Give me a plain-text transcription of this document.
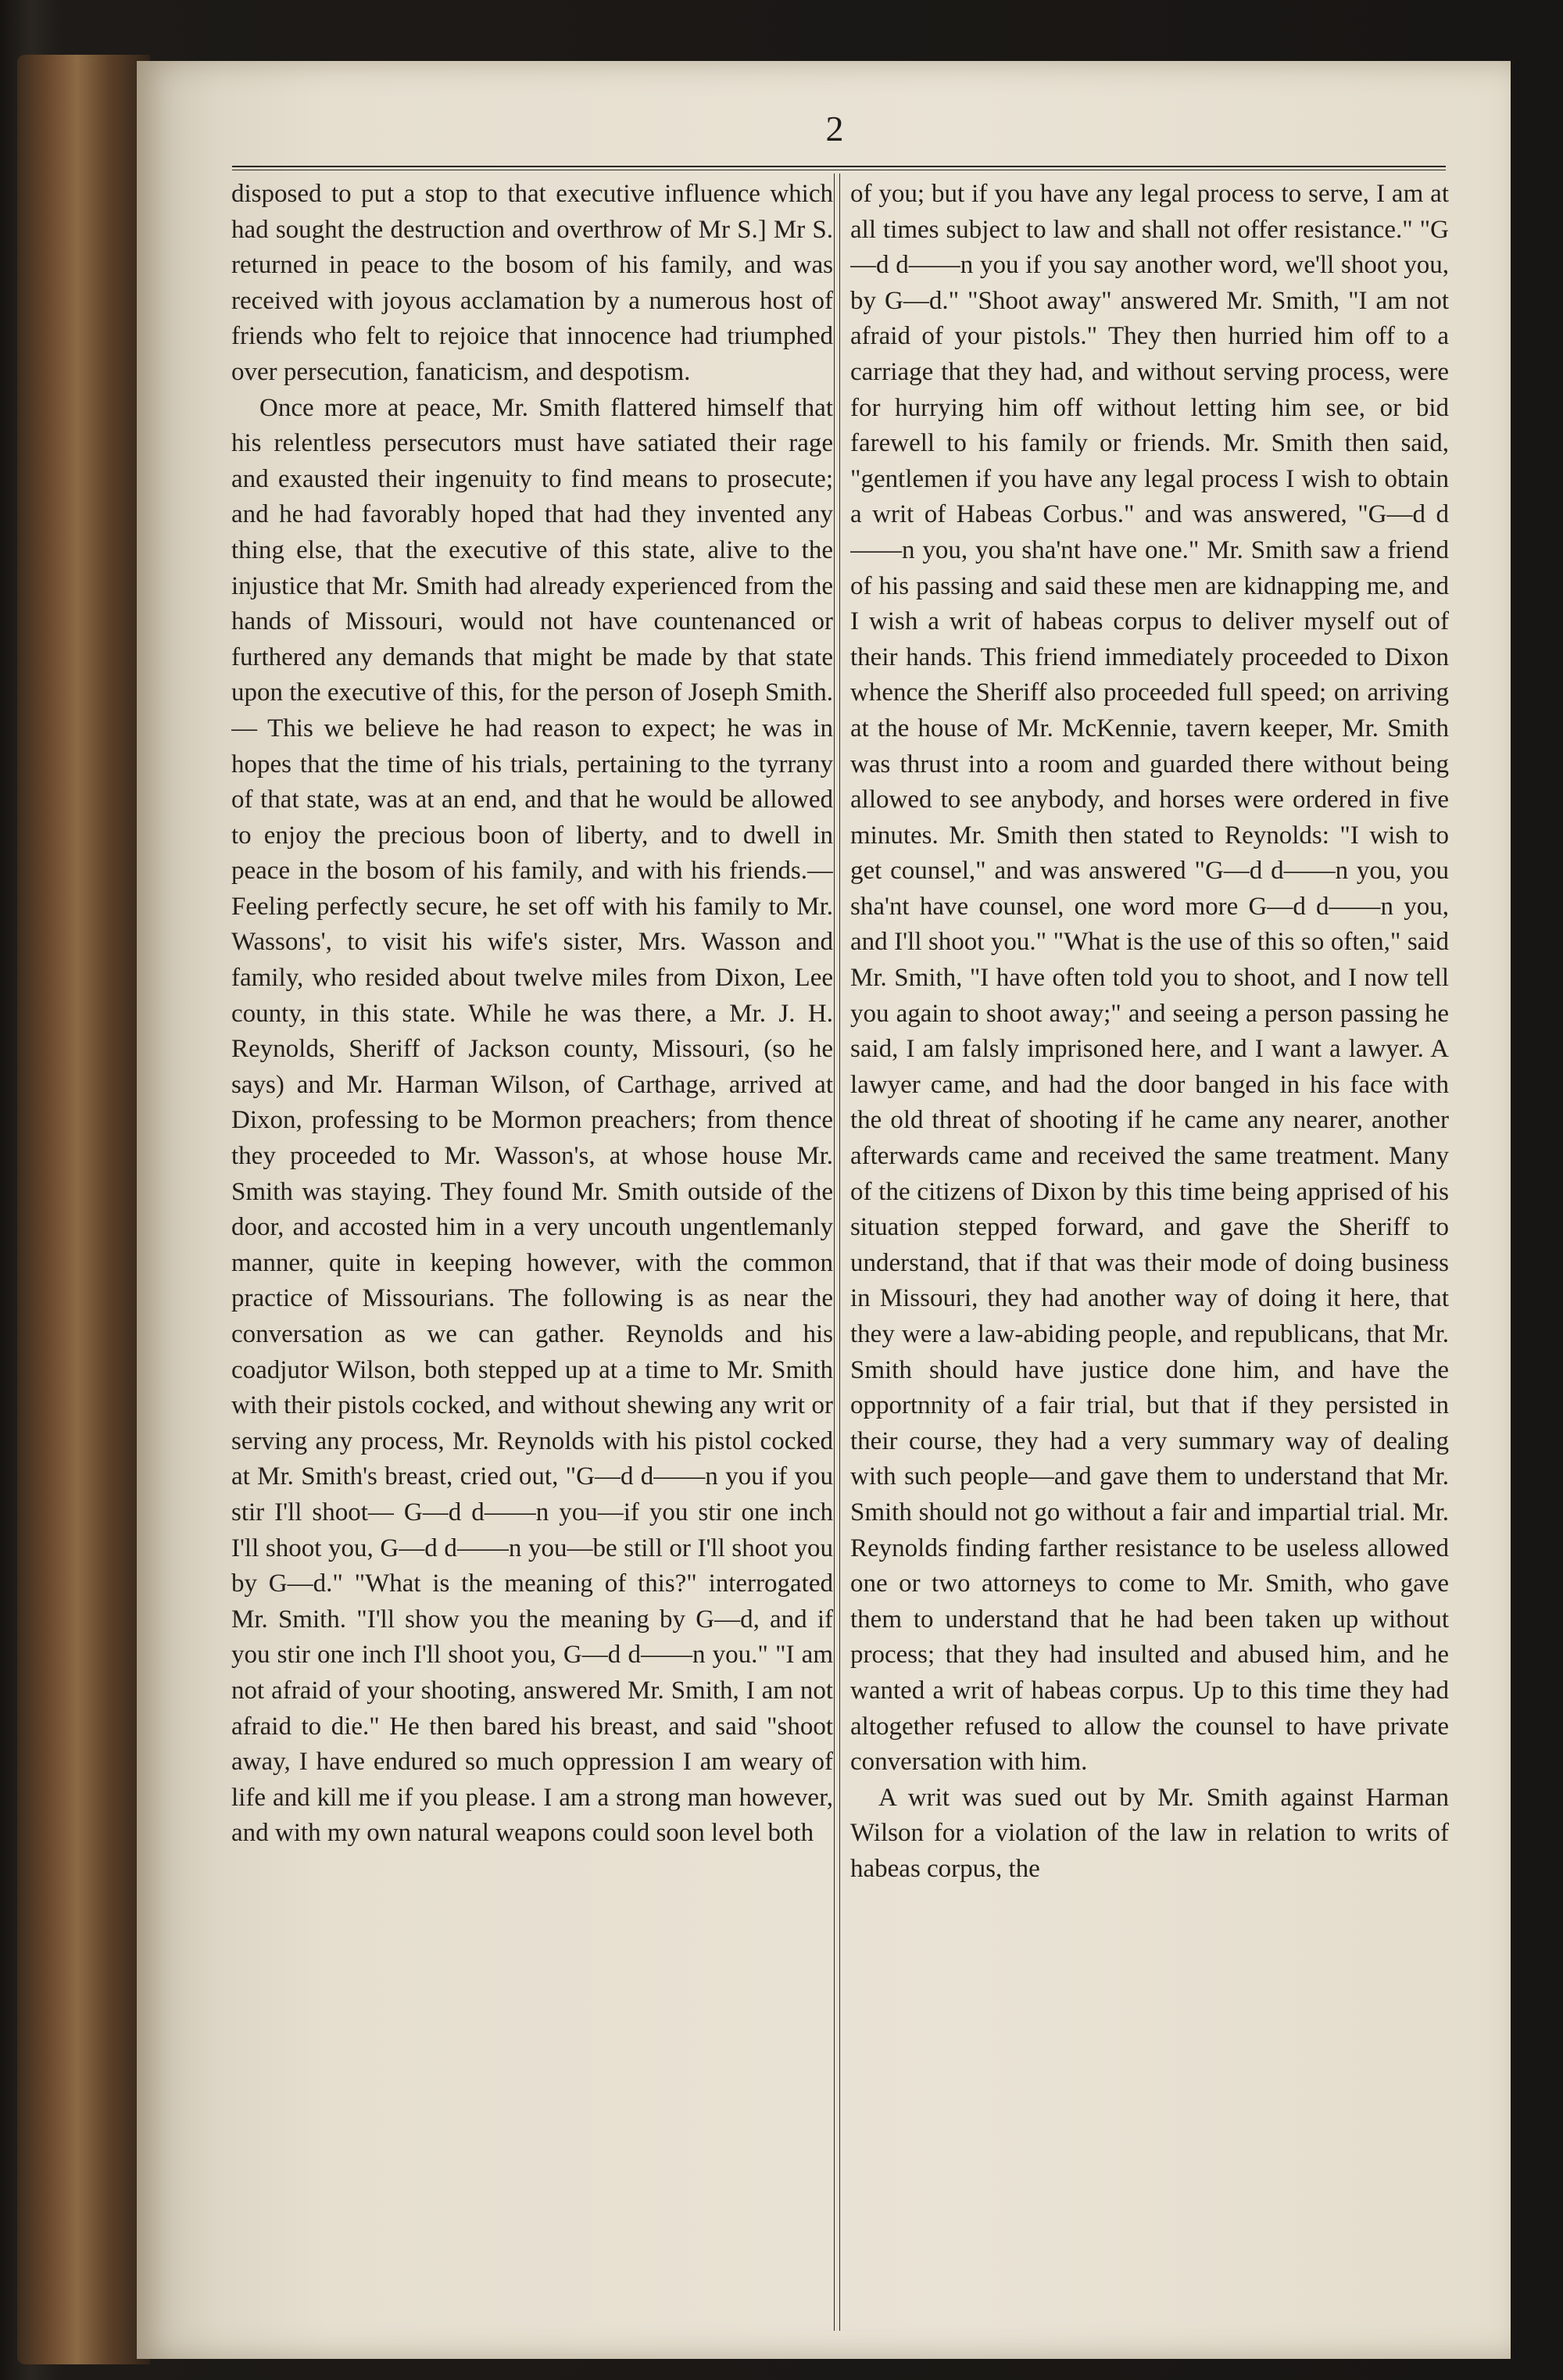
2

disposed to put a stop to that executive influence which had sought the destruction and overthrow of Mr S.] Mr S. returned in peace to the bosom of his family, and was received with joyous acclamation by a numerous host of friends who felt to rejoice that innocence had triumphed over persecution, fanaticism, and despotism.

Once more at peace, Mr. Smith flattered himself that his relentless persecutors must have satiated their rage and exausted their ingenuity to find means to prosecute; and he had favorably hoped that had they invented any thing else, that the executive of this state, alive to the injustice that Mr. Smith had already experienced from the hands of Missouri, would not have countenanced or furthered any demands that might be made by that state upon the executive of this, for the person of Joseph Smith.— This we believe he had reason to expect; he was in hopes that the time of his trials, pertaining to the tyrrany of that state, was at an end, and that he would be allowed to enjoy the precious boon of liberty, and to dwell in peace in the bosom of his family, and with his friends.— Feeling perfectly secure, he set off with his family to Mr. Wassons', to visit his wife's sister, Mrs. Wasson and family, who resided about twelve miles from Dixon, Lee county, in this state. While he was there, a Mr. J. H. Reynolds, Sheriff of Jackson county, Missouri, (so he says) and Mr. Harman Wilson, of Carthage, arrived at Dixon, professing to be Mormon preachers; from thence they proceeded to Mr. Wasson's, at whose house Mr. Smith was staying. They found Mr. Smith outside of the door, and accosted him in a very uncouth ungentlemanly manner, quite in keeping however, with the common practice of Missourians. The following is as near the conversation as we can gather. Reynolds and his coadjutor Wilson, both stepped up at a time to Mr. Smith with their pistols cocked, and without shewing any writ or serving any process, Mr. Reynolds with his pistol cocked at Mr. Smith's breast, cried out, "G—d d——n you if you stir I'll shoot— G—d d——n you—if you stir one inch I'll shoot you, G—d d——n you—be still or I'll shoot you by G—d." "What is the meaning of this?" interrogated Mr. Smith. "I'll show you the meaning by G—d, and if you stir one inch I'll shoot you, G—d d——n you." "I am not afraid of your shooting, answered Mr. Smith, I am not afraid to die." He then bared his breast, and said "shoot away, I have endured so much oppression I am weary of life and kill me if you please. I am a strong man however, and with my own natural weapons could soon level both

of you; but if you have any legal process to serve, I am at all times subject to law and shall not offer resistance." "G—d d——n you if you say another word, we'll shoot you, by G—d." "Shoot away" answered Mr. Smith, "I am not afraid of your pistols." They then hurried him off to a carriage that they had, and without serving process, were for hurrying him off without letting him see, or bid farewell to his family or friends. Mr. Smith then said, "gentlemen if you have any legal process I wish to obtain a writ of Habeas Corbus." and was answered, "G—d d——n you, you sha'nt have one." Mr. Smith saw a friend of his passing and said these men are kidnapping me, and I wish a writ of habeas corpus to deliver myself out of their hands. This friend immediately proceeded to Dixon whence the Sheriff also proceeded full speed; on arriving at the house of Mr. McKennie, tavern keeper, Mr. Smith was thrust into a room and guarded there without being allowed to see anybody, and horses were ordered in five minutes. Mr. Smith then stated to Reynolds: "I wish to get counsel," and was answered "G—d d——n you, you sha'nt have counsel, one word more G—d d——n you, and I'll shoot you." "What is the use of this so often," said Mr. Smith, "I have often told you to shoot, and I now tell you again to shoot away;" and seeing a person passing he said, I am falsly imprisoned here, and I want a lawyer. A lawyer came, and had the door banged in his face with the old threat of shooting if he came any nearer, another afterwards came and received the same treatment. Many of the citizens of Dixon by this time being apprised of his situation stepped forward, and gave the Sheriff to understand, that if that was their mode of doing business in Missouri, they had another way of doing it here, that they were a law-abiding people, and republicans, that Mr. Smith should have justice done him, and have the opportnnity of a fair trial, but that if they persisted in their course, they had a very summary way of dealing with such people—and gave them to understand that Mr. Smith should not go without a fair and impartial trial. Mr. Reynolds finding farther resistance to be useless allowed one or two attorneys to come to Mr. Smith, who gave them to understand that he had been taken up without process; that they had insulted and abused him, and he wanted a writ of habeas corpus. Up to this time they had altogether refused to allow the counsel to have private conversation with him.

A writ was sued out by Mr. Smith against Harman Wilson for a violation of the law in relation to writs of habeas corpus, the
